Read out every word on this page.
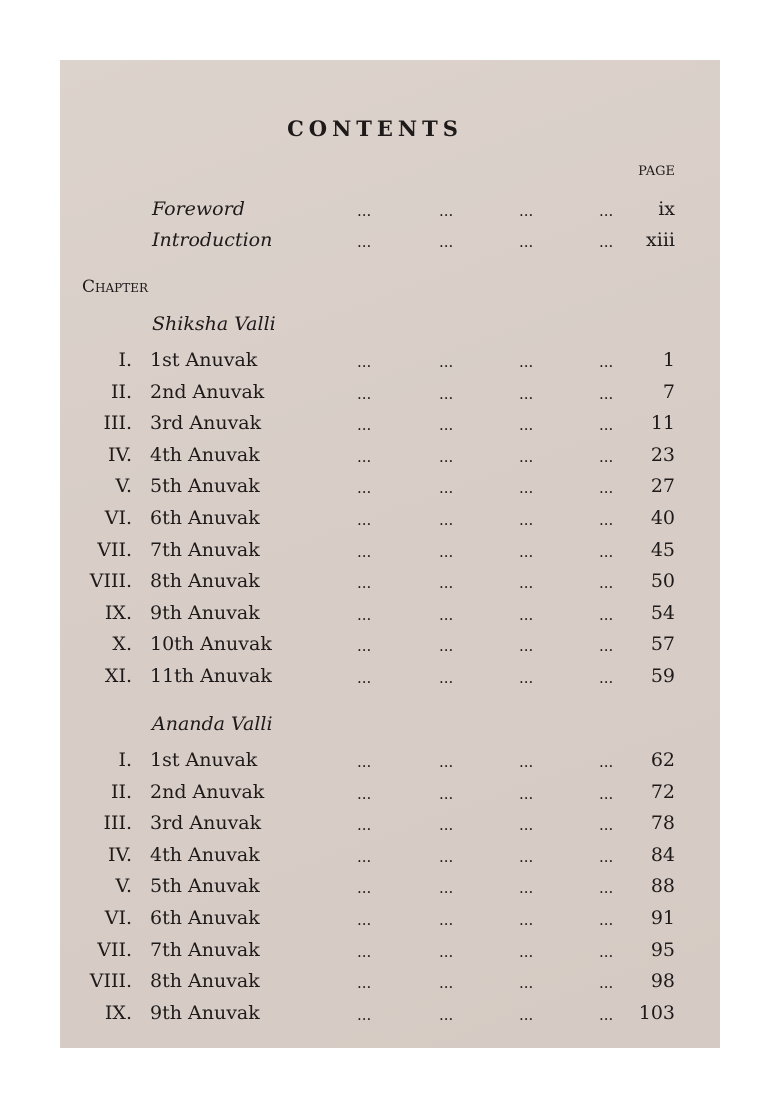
CONTENTS
PAGE
Chapter
Foreword	...	...	...	...	ix
Introduction	...	...	...	...	xiii
Shiksha Valli
I. 1st Anuvak	...	...	...	...	1
II. 2nd Anuvak	...	...	...	...	7
III. 3rd Anuvak	...	...	...	...	11
IV. 4th Anuvak	...	...	...	...	23
V. 5th Anuvak	...	...	...	...	27
VI. 6th Anuvak	...	...	...	...	40
VII. 7th Anuvak	...	...	...	...	45
VIII. 8th Anuvak	...	...	...	...	50
IX. 9th Anuvak	...	...	...	...	54
X. 10th Anuvak	...	...	...	...	57
XI. 11th Anuvak	...	...	...	...	59
Ananda Valli
I. 1st Anuvak	...	...	...	...	62
II. 2nd Anuvak	...	...	...	...	72
III. 3rd Anuvak	...	...	...	...	78
IV. 4th Anuvak	...	...	...	...	84
V. 5th Anuvak	...	...	...	...	88
VI. 6th Anuvak	...	...	...	...	91
VII. 7th Anuvak	...	...	...	...	95
VIII. 8th Anuvak	...	...	...	...	98
IX. 9th Anuvak	...	...	...	...	103
